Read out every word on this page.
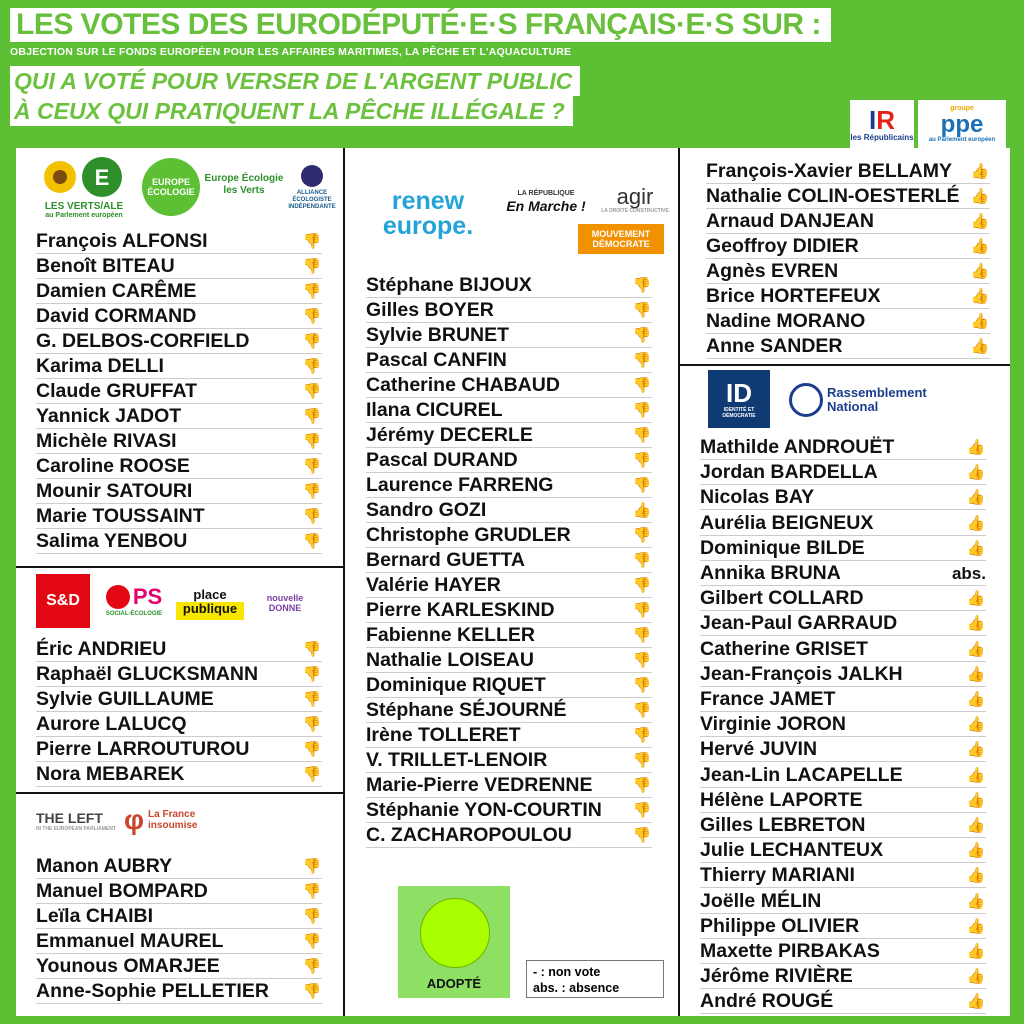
LES VOTES DES EURODÉPUTÉ·E·S FRANÇAIS·E·S SUR :
OBJECTION SUR LE FONDS EUROPÉEN POUR LES AFFAIRES MARITIMES, LA PÊCHE ET L'AQUACULTURE
QUI A VOTÉ POUR VERSER DE L'ARGENT PUBLIC
À CEUX QUI PRATIQUENT LA PÊCHE ILLÉGALE ?	IR
les Républicains
groupe
ppe
au Parlement européen
E
LES VERTS/ALE
au Parlement européen
EUROPE ÉCOLOGIE
Europe Écologie les Verts	ALLIANCE ÉCOLOGISTE INDÉPENDANTE	renew europe.
LA RÉPUBLIQUE
En Marche ! agir
LA DROITE CONSTRUCTIVE
MOUVEMENT DÉMOCRATE
S&D PS
SOCIAL-ÉCOLOGIE
place publique
nouvelle DONNE
THE LEFT
IN THE EUROPEAN PARLIAMENT φ La France insoumise
ID
IDENTITÉ ET DÉMOCRATIE
Rassemblement National
François ALFONSI	👎
Benoît BITEAU	👎
Damien CARÊME	👎
David CORMAND	👎
G. DELBOS-CORFIELD	👎
Karima DELLI	👎
Claude GRUFFAT	👎
Yannick JADOT	👎
Michèle RIVASI	👎
Caroline ROOSE	👎
Mounir SATOURI	👎
Marie TOUSSAINT	👎
Salima YENBOU	👎
Éric ANDRIEU	👎
Raphaël GLUCKSMANN	👎
Sylvie GUILLAUME	👎
Aurore LALUCQ	👎
Pierre LARROUTUROU	👎
Nora MEBAREK	👎
Manon AUBRY	👎
Manuel BOMPARD	👎
Leïla CHAIBI	👎
Emmanuel MAUREL	👎
Younous OMARJEE	👎
Anne-Sophie PELLETIER	👎
Stéphane BIJOUX	👎
Gilles BOYER	👎
Sylvie BRUNET	👎
Pascal CANFIN	👎
Catherine CHABAUD	👎
Ilana CICUREL	👎
Jérémy DECERLE	👎
Pascal DURAND	👎
Laurence FARRENG	👎
Sandro GOZI	👍
Christophe GRUDLER	👎
Bernard GUETTA	👎
Valérie HAYER	👎
Pierre KARLESKIND	👎
Fabienne KELLER	👎
Nathalie LOISEAU	👎
Dominique RIQUET	👎
Stéphane SÉJOURNÉ	👎
Irène TOLLERET	👎
V. TRILLET-LENOIR	👎
Marie-Pierre VEDRENNE	👎
Stéphanie YON-COURTIN	👎
C. ZACHAROPOULOU	👎
François-Xavier BELLAMY	👍
Nathalie COLIN-OESTERLÉ 👍
Arnaud DANJEAN	👍
Geoffroy DIDIER	👍
Agnès EVREN	👍
Brice HORTEFEUX	👍
Nadine MORANO	👍
Anne SANDER	👍
Mathilde ANDROUËT	👍
Jordan BARDELLA	👍
Nicolas BAY	👍
Aurélia BEIGNEUX	👍
Dominique BILDE	👍
Annika BRUNA	abs.
Gilbert COLLARD	👍
Jean-Paul GARRAUD	👍
Catherine GRISET	👍
Jean-François JALKH	👍
France JAMET	👍
Virginie JORON	👍
Hervé JUVIN	👍
Jean-Lin LACAPELLE	👍
Hélène LAPORTE	👍
Gilles LEBRETON	👍
Julie LECHANTEUX	👍
Thierry MARIANI	👍
Joëlle MÉLIN	👍
Philippe OLIVIER	👍
Maxette PIRBAKAS	👍
Jérôme RIVIÈRE	👍
André ROUGÉ	👍
DATE DU VOTE : 15 FÉVRIER 2022
ADOPTÉ
- : non vote
abs. : absence
